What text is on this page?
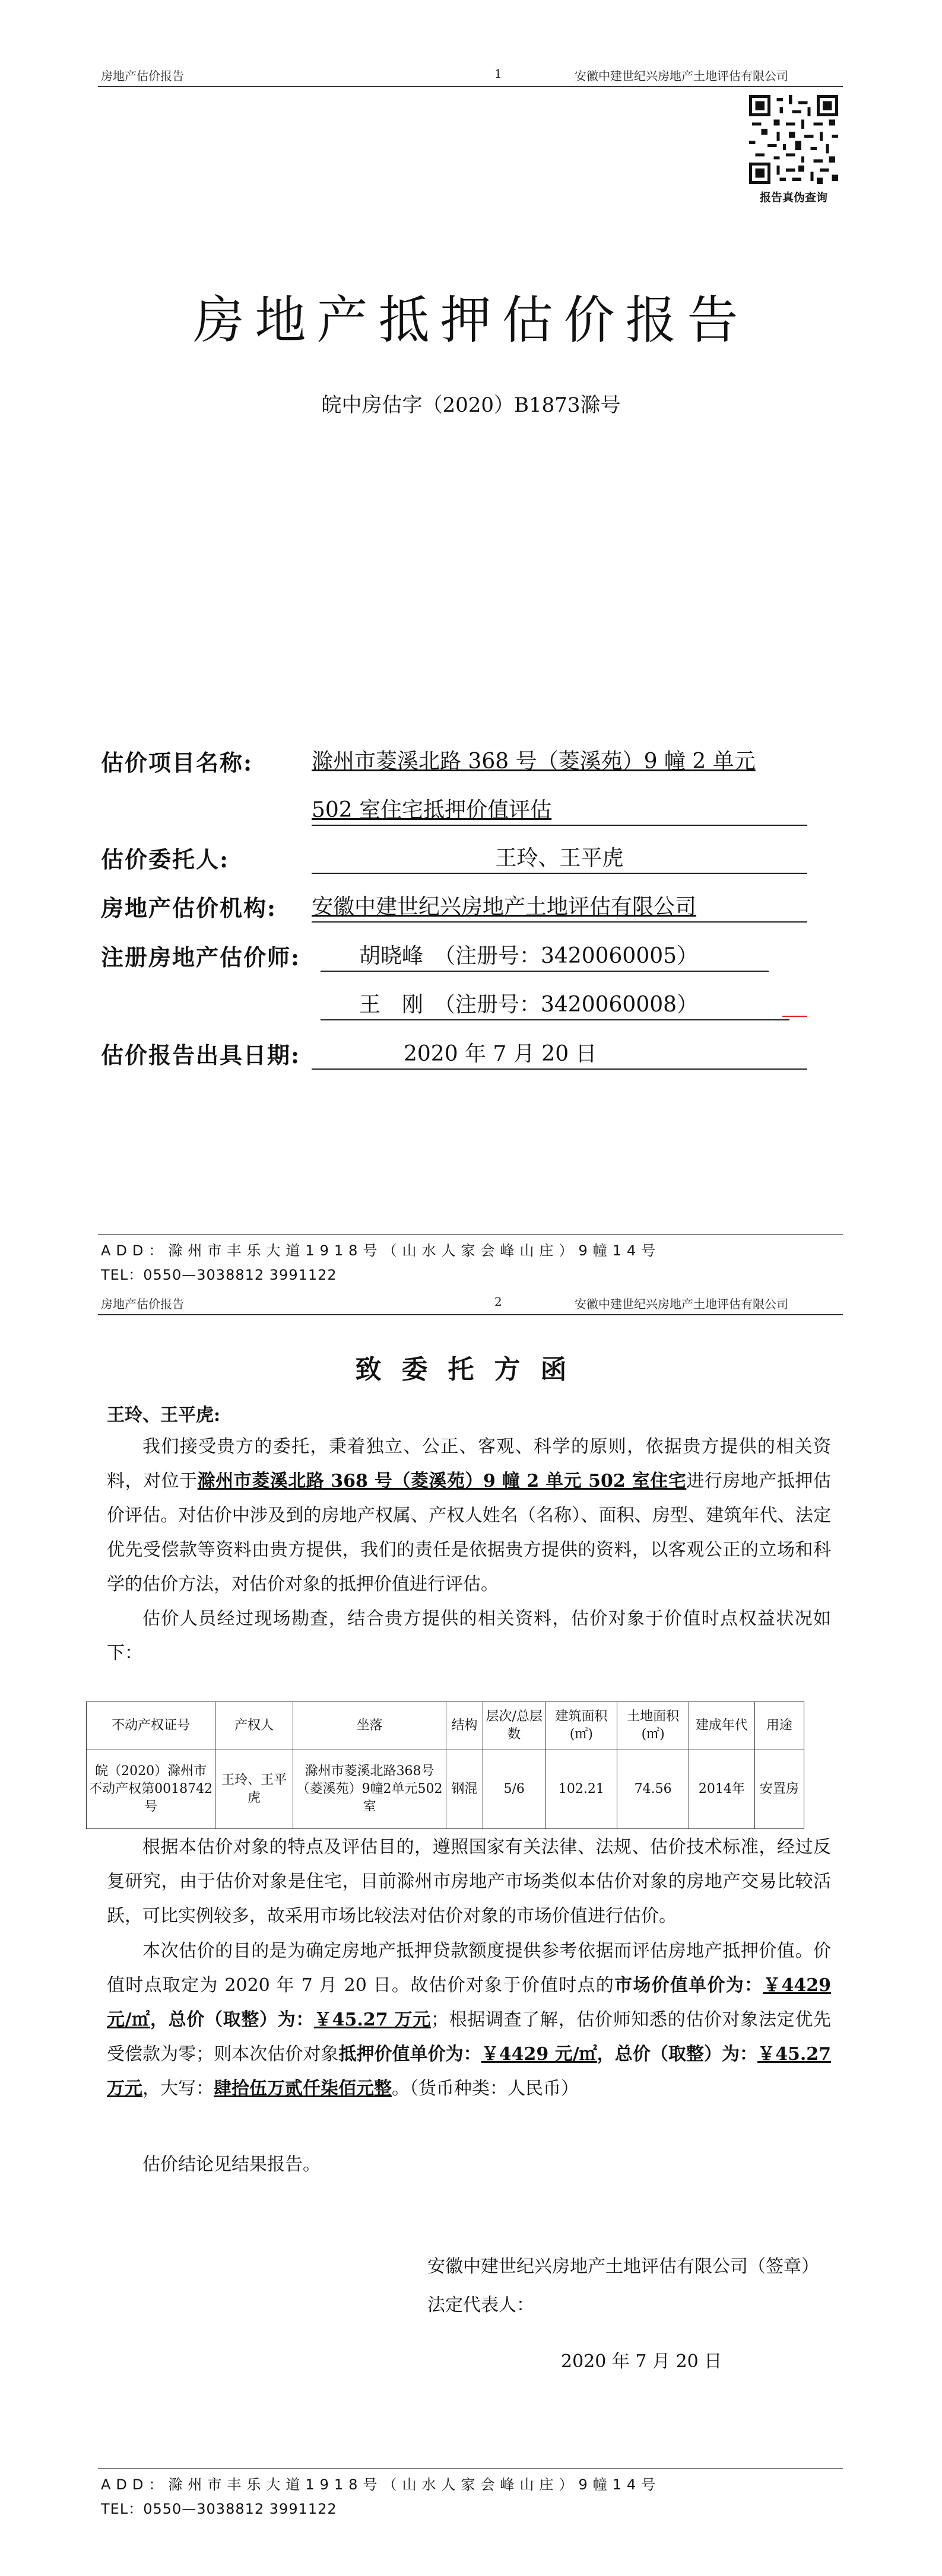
房地产估价报告	1	安徽中建世纪兴房地产土地评估有限公司
报告真伪查询
房地产抵押估价报告
皖中房估字（2020）B1873滁号
估价项目名称:	滁州市菱溪北路 368 号（菱溪苑）9 幢 2 单元
502 室住宅抵押价值评估
估价委托人:	王玲、王平虎
房地产估价机构: 安徽中建世纪兴房地产土地评估有限公司
注册房地产估价师:	胡晓峰　（注册号：3420060005）
王　刚　（注册号：3420060008）
估价报告出具日期:	2020 年 7 月 20 日
ADD：滁州市丰乐大道1918号（山水人家会峰山庄）9幢14号
TEL：0550—3038812 3991122
房地产估价报告	2	安徽中建世纪兴房地产土地评估有限公司
致委托方函
王玲、王平虎:
我们接受贵方的委托，秉着独立、公正、客观、科学的原则，依据贵方提供的相关资料，对位于滁州市菱溪北路 368 号（菱溪苑）9 幢 2 单元 502 室住宅进行房地产抵押估价评估。对估价中涉及到的房地产权属、产权人姓名（名称）、面积、房型、建筑年代、法定优先受偿款等资料由贵方提供，我们的责任是依据贵方提供的资料，以客观公正的立场和科学的估价方法，对估价对象的抵押价值进行评估。
估价人员经过现场勘查，结合贵方提供的相关资料，估价对象于价值时点权益状况如下：
不动产权证号	产权人	坐落	结构	层次/总层数	建筑面积(㎡)	土地面积(㎡)	建成年代	用途
皖（2020）滁州市不动产权第0018742号	王玲、王平虎	滁州市菱溪北路368号（菱溪苑）9幢2单元502室	钢混	5/6	102.21	74.56	2014年	安置房
根据本估价对象的特点及评估目的，遵照国家有关法律、法规、估价技术标准，经过反复研究，由于估价对象是住宅，目前滁州市房地产市场类似本估价对象的房地产交易比较活跃，可比实例较多，故采用市场比较法对估价对象的市场价值进行估价。
本次估价的目的是为确定房地产抵押贷款额度提供参考依据而评估房地产抵押价值。价值时点取定为 2020 年 7 月 20 日。故估价对象于价值时点的市场价值单价为：￥4429 元/㎡，总价（取整）为：￥45.27 万元；根据调查了解，估价师知悉的估价对象法定优先受偿款为零；则本次估价对象抵押价值单价为：￥4429 元/㎡，总价（取整）为：￥45.27 万元，大写：肆拾伍万贰仟柒佰元整。（货币种类：人民币）
估价结论见结果报告。
安徽中建世纪兴房地产土地评估有限公司（签章）
法定代表人：
2020 年 7 月 20 日
ADD：滁州市丰乐大道1918号（山水人家会峰山庄）9幢14号
TEL：0550—3038812 3991122
